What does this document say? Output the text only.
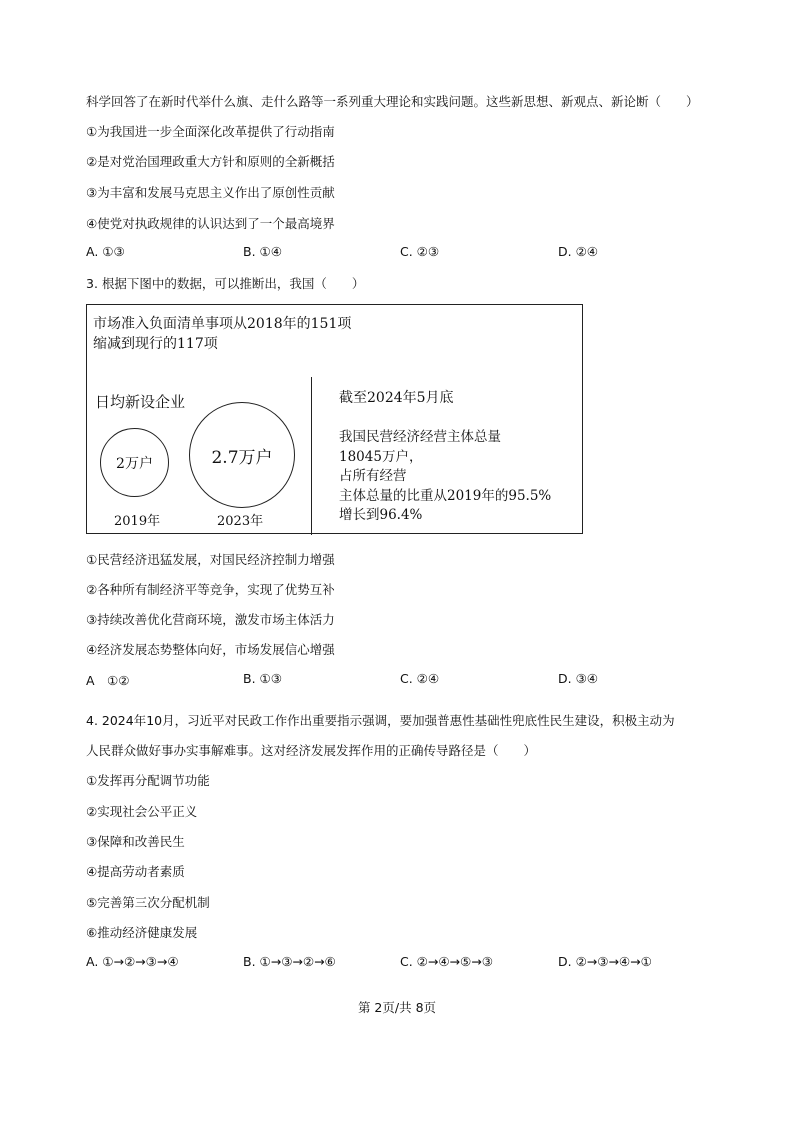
科学回答了在新时代举什么旗、走什么路等一系列重大理论和实践问题。这些新思想、新观点、新论断（　　）
①为我国进一步全面深化改革提供了行动指南
②是对党治国理政重大方针和原则的全新概括
③为丰富和发展马克思主义作出了原创性贡献
④使党对执政规律的认识达到了一个最高境界
A. ①③	B. ①④	C. ②③	D. ②④
3. 根据下图中的数据，可以推断出，我国（　　）
市场准入负面清单事项从2018年的151项
缩减到现行的117项
日均新设企业
2万户	2.7万户
2019年	2023年
截至2024年5月底
我国民营经济经营主体总量
18045万户，
占所有经营
主体总量的比重从2019年的95.5%
增长到96.4%
①民营经济迅猛发展，对国民经济控制力增强
②各种所有制经济平等竞争，实现了优势互补
③持续改善优化营商环境，激发市场主体活力
④经济发展态势整体向好，市场发展信心增强
A　①②	B. ①③	C. ②④	D. ③④
4. 2024年10月，习近平对民政工作作出重要指示强调，要加强普惠性基础性兜底性民生建设，积极主动为
人民群众做好事办实事解难事。这对经济发展发挥作用的正确传导路径是（　　）
①发挥再分配调节功能
②实现社会公平正义
③保障和改善民生
④提高劳动者素质
⑤完善第三次分配机制
⑥推动经济健康发展
A. ①→②→③→④	B. ①→③→②→⑥	C. ②→④→⑤→③	D. ②→③→④→①
第 2页/共 8页
